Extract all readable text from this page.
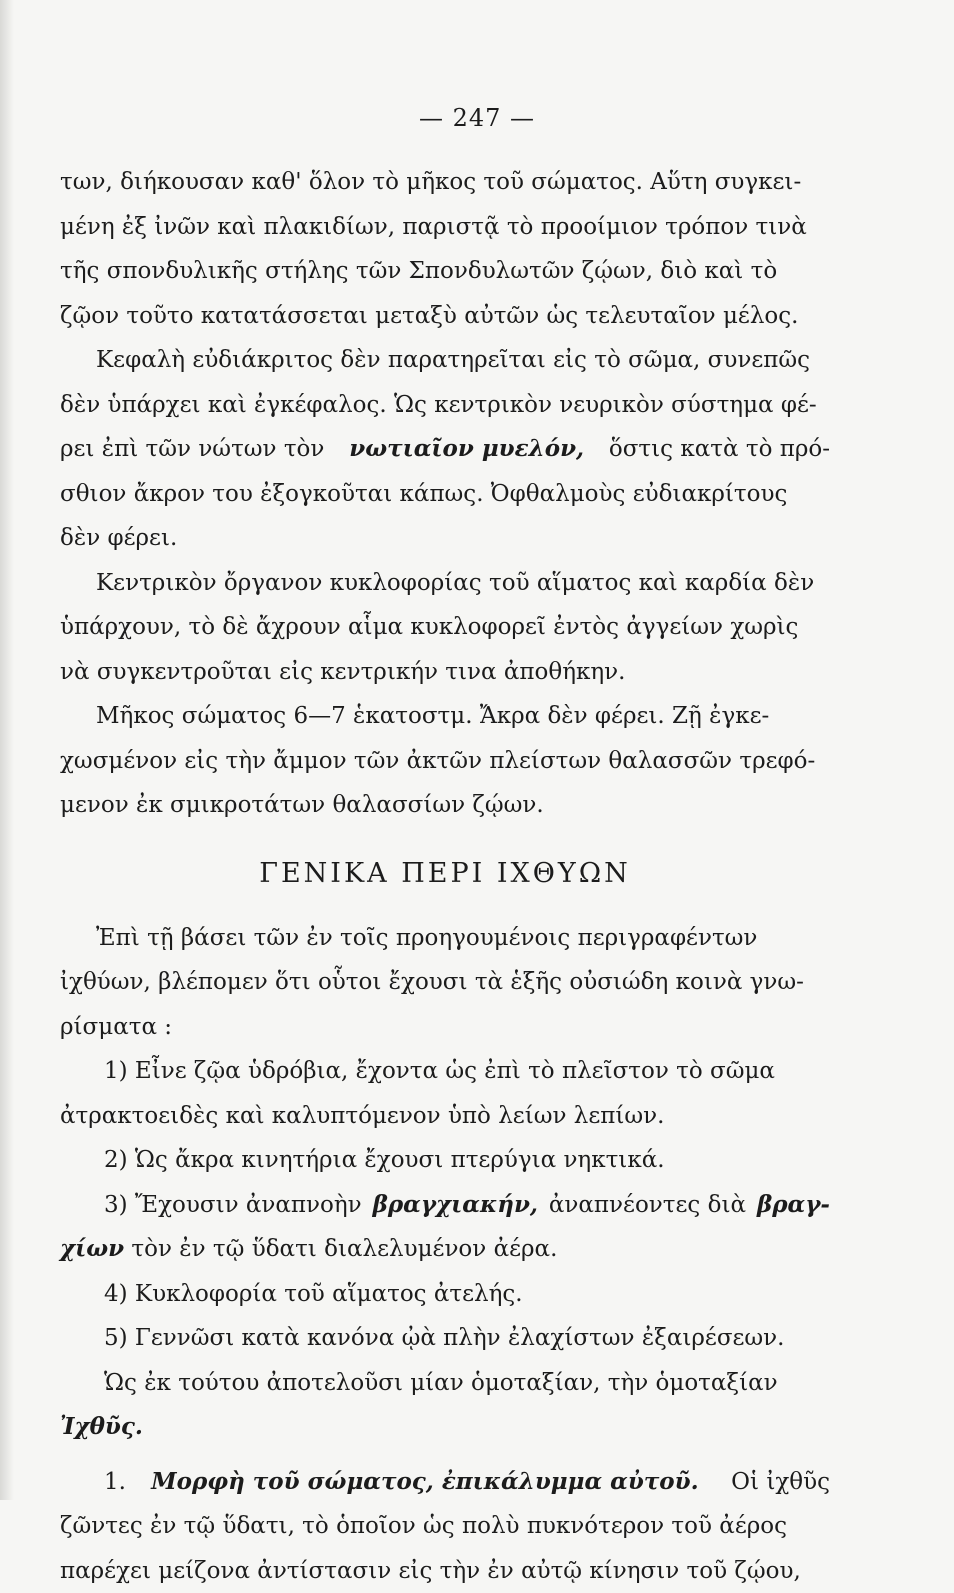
— 247 —
των, διήκουσαν καθ' ὅλον τὸ μῆκος τοῦ σώματος. Αὕτη συγκει-
μένη ἐξ ἰνῶν καὶ πλακιδίων, παριστᾷ τὸ προοίμιον τρόπον τινὰ
τῆς σπονδυλικῆς στήλης τῶν Σπονδυλωτῶν ζῴων, διὸ καὶ τὸ
ζῷον τοῦτο κατατάσσεται μεταξὺ αὐτῶν ὡς τελευταῖον μέλος.
Κεφαλὴ εὐδιάκριτος δὲν παρατηρεῖται εἰς τὸ σῶμα, συνεπῶς
δὲν ὑπάρχει καὶ ἐγκέφαλος. Ὡς κεντρικὸν νευρικὸν σύστημα φέ-
ρει ἐπὶ τῶν νώτων τὸν νωτιαῖον μυελόν, ὅστις κατὰ τὸ πρό-
σθιον ἄκρον του ἐξογκοῦται κάπως. Ὀφθαλμοὺς εὐδιακρίτους
δὲν φέρει.
Κεντρικὸν ὄργανον κυκλοφορίας τοῦ αἵματος καὶ καρδία δὲν
ὑπάρχουν, τὸ δὲ ἄχρουν αἷμα κυκλοφορεῖ ἐντὸς ἀγγείων χωρὶς
νὰ συγκεντροῦται εἰς κεντρικήν τινα ἀποθήκην.
Μῆκος σώματος 6—7 ἑκατοστμ. Ἄκρα δὲν φέρει. Ζῇ ἐγκε-
χωσμένον εἰς τὴν ἄμμον τῶν ἀκτῶν πλείστων θαλασσῶν τρεφό-
μενον ἐκ σμικροτάτων θαλασσίων ζῴων.
ΓΕΝΙΚΑ ΠΕΡΙ ΙΧΘΥΩΝ
Ἐπὶ τῇ βάσει τῶν ἐν τοῖς προηγουμένοις περιγραφέντων
ἰχθύων, βλέπομεν ὅτι οὗτοι ἔχουσι τὰ ἑξῆς οὐσιώδη κοινὰ γνω-
ρίσματα :
1) Εἶνε ζῷα ὑδρόβια, ἔχοντα ὡς ἐπὶ τὸ πλεῖστον τὸ σῶμα
ἀτρακτοειδὲς καὶ καλυπτόμενον ὑπὸ λείων λεπίων.
2) Ὡς ἄκρα κινητήρια ἔχουσι πτερύγια νηκτικά.
3) Ἔχουσιν ἀναπνοὴν βραγχιακήν, ἀναπνέοντες διὰ βραγ-
χίων τὸν ἐν τῷ ὕδατι διαλελυμένον ἀέρα.
4) Κυκλοφορία τοῦ αἵματος ἀτελής.
5) Γεννῶσι κατὰ κανόνα ᾠὰ πλὴν ἐλαχίστων ἐξαιρέσεων.
Ὡς ἐκ τούτου ἀποτελοῦσι μίαν ὁμοταξίαν, τὴν ὁμοταξίαν
Ἰχθῦς.
1. Μορφὴ τοῦ σώματος, ἐπικάλυμμα αὐτοῦ. Οἱ ἰχθῦς
ζῶντες ἐν τῷ ὕδατι, τὸ ὁποῖον ὡς πολὺ πυκνότερον τοῦ ἀέρος
παρέχει μείζονα ἀντίστασιν εἰς τὴν ἐν αὐτῷ κίνησιν τοῦ ζῴου,
